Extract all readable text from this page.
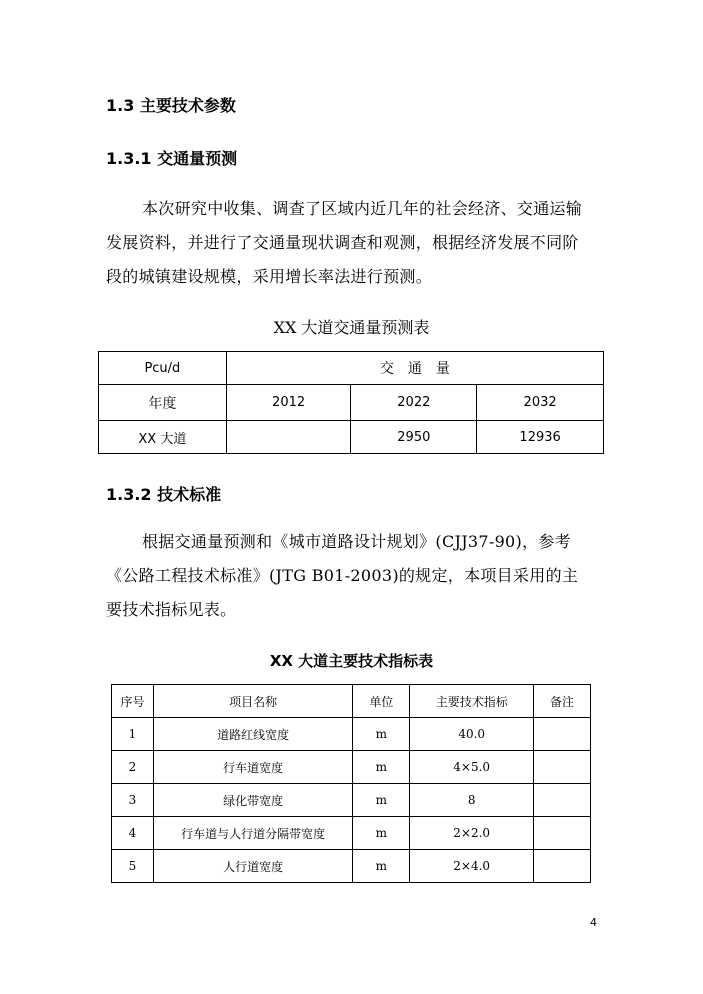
1.3 主要技术参数
1.3.1 交通量预测
本次研究中收集、调查了区域内近几年的社会经济、交通运输发展资料，并进行了交通量现状调查和观测，根据经济发展不同阶段的城镇建设规模，采用增长率法进行预测。
XX 大道交通量预测表
Pcu/d	交　通　量		
年度	2012	2022	2032
XX 大道		2950	12936
1.3.2 技术标准
根据交通量预测和《城市道路设计规划》(CJJ37-90)，参考《公路工程技术标准》(JTG B01-2003)的规定，本项目采用的主要技术指标见表。
XX 大道主要技术指标表
序号	项目名称	单位	主要技术指标	备注
1	道路红线宽度	m	40.0	
2	行车道宽度	m	4×5.0	
3	绿化带宽度	m	8	
4	行车道与人行道分隔带宽度	m	2×2.0	
5	人行道宽度	m	2×4.0	
4
